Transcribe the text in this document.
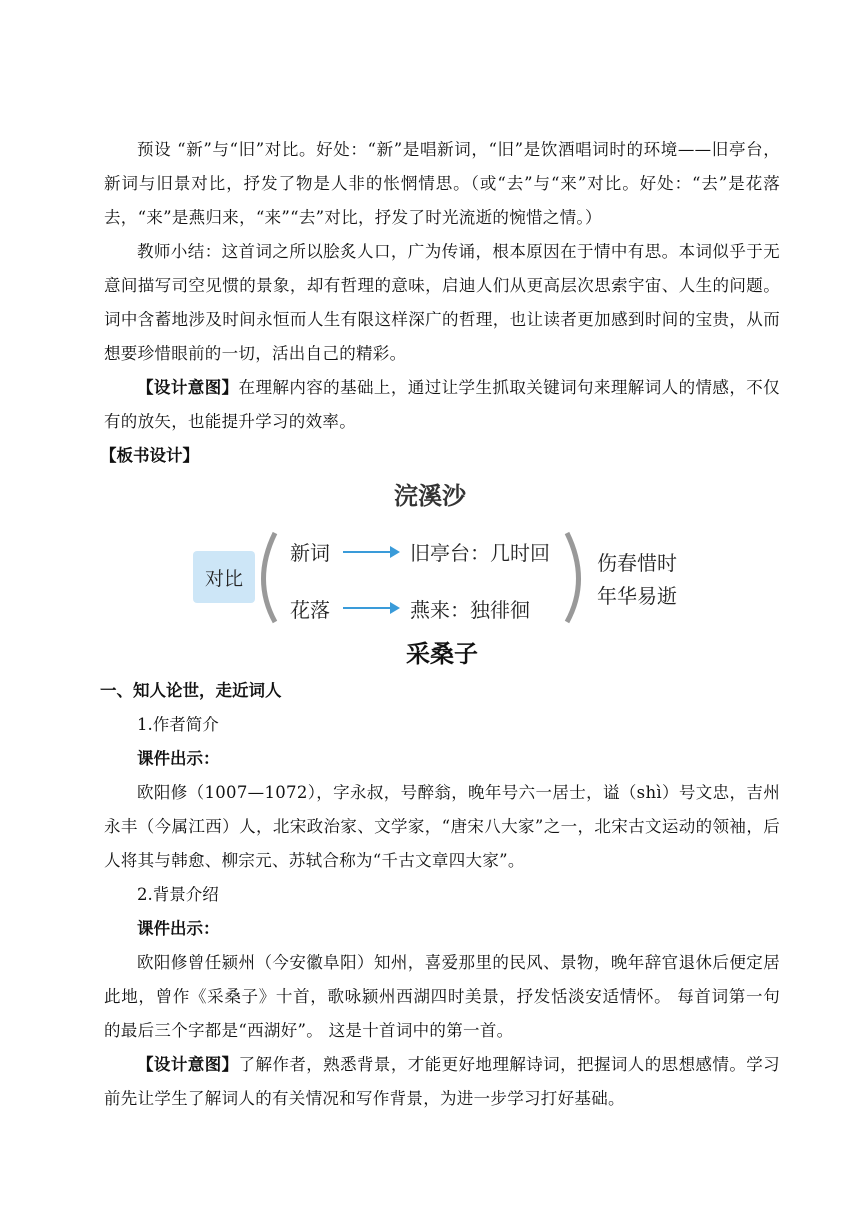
预设 “新”与“旧”对比。好处：“新”是唱新词，“旧”是饮酒唱词时的环境——旧亭台，新词与旧景对比，抒发了物是人非的怅惘情思。（或“去”与“来”对比。好处：“去”是花落去，“来”是燕归来，“来”“去”对比，抒发了时光流逝的惋惜之情。）

教师小结：这首词之所以脍炙人口，广为传诵，根本原因在于情中有思。本词似乎于无意间描写司空见惯的景象，却有哲理的意味，启迪人们从更高层次思索宇宙、人生的问题。词中含蓄地涉及时间永恒而人生有限这样深广的哲理，也让读者更加感到时间的宝贵，从而想要珍惜眼前的一切，活出自己的精彩。

【设计意图】在理解内容的基础上，通过让学生抓取关键词句来理解词人的情感，不仅有的放矢，也能提升学习的效率。

【板书设计】

浣溪沙
对比
新词	旧亭台：几时回
花落	燕来：独徘徊
伤春惜时
年华易逝

采桑子

一、知人论世，走近词人

1.作者简介

课件出示：

欧阳修（1007—1072），字永叔，号醉翁，晚年号六一居士，谥（shì）号文忠，吉州永丰（今属江西）人，北宋政治家、文学家，“唐宋八大家”之一，北宋古文运动的领袖，后人将其与韩愈、柳宗元、苏轼合称为“千古文章四大家”。

2.背景介绍

课件出示：

欧阳修曾任颍州（今安徽阜阳）知州，喜爱那里的民风、景物，晚年辞官退休后便定居此地，曾作《采桑子》十首，歌咏颍州西湖四时美景，抒发恬淡安适情怀。 每首词第一句的最后三个字都是“西湖好”。 这是十首词中的第一首。

【设计意图】了解作者，熟悉背景，才能更好地理解诗词，把握词人的思想感情。学习前先让学生了解词人的有关情况和写作背景，为进一步学习打好基础。
